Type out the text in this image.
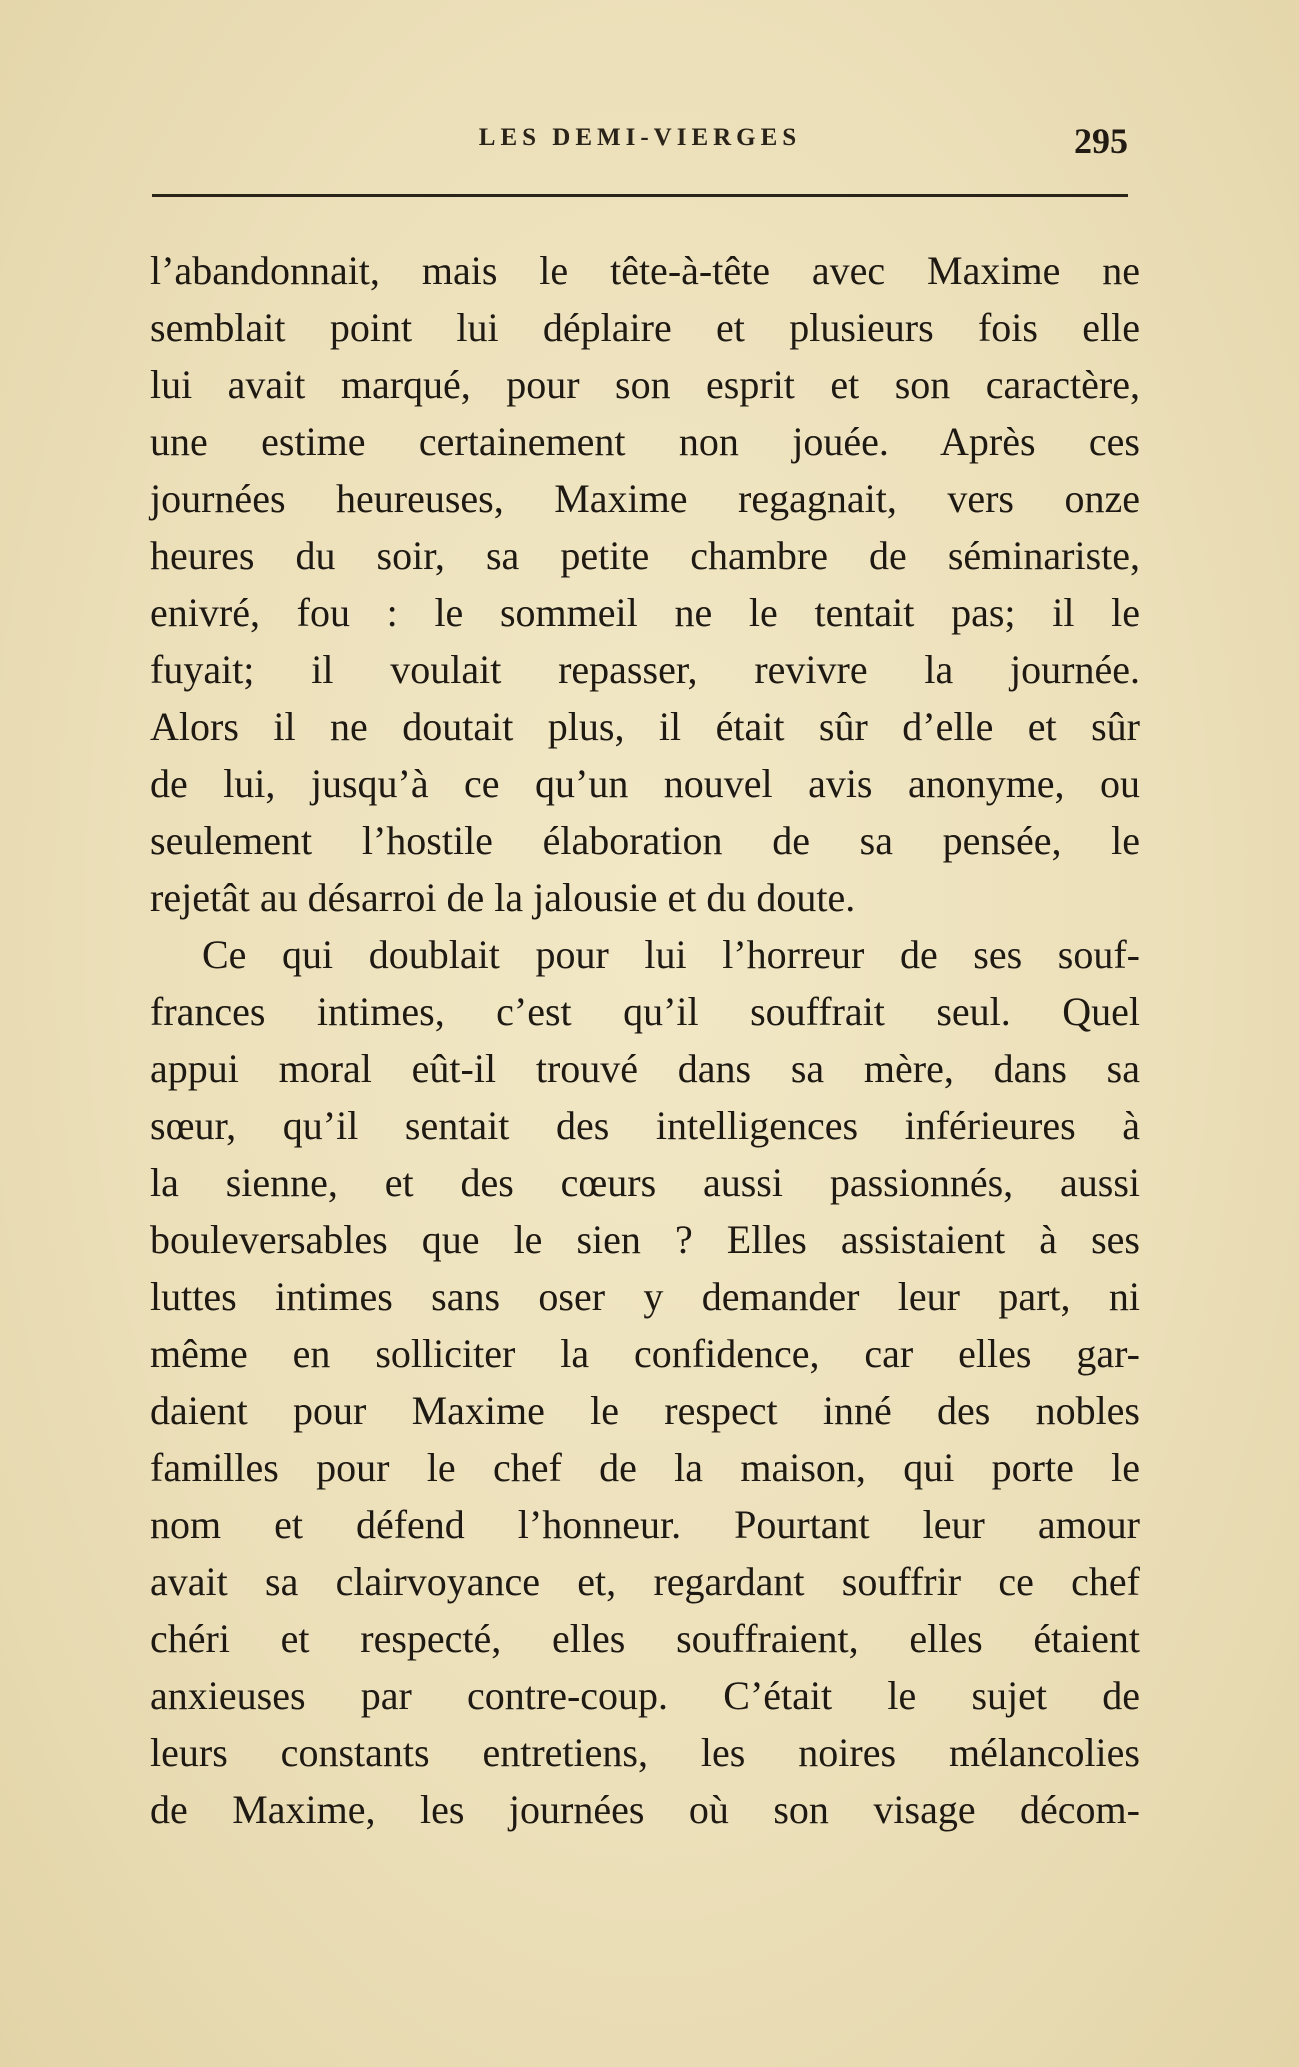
LES DEMI-VIERGES	295
l’abandonnait, mais le tête-à-tête avec Maxime ne
semblait point lui déplaire et plusieurs fois elle
lui avait marqué, pour son esprit et son caractère,
une estime certainement non jouée. Après ces
journées heureuses, Maxime regagnait, vers onze
heures du soir, sa petite chambre de séminariste,
enivré, fou : le sommeil ne le tentait pas; il le
fuyait; il voulait repasser, revivre la journée.
Alors il ne doutait plus, il était sûr d’elle et sûr
de lui, jusqu’à ce qu’un nouvel avis anonyme, ou
seulement l’hostile élaboration de sa pensée, le
rejetât au désarroi de la jalousie et du doute.
Ce qui doublait pour lui l’horreur de ses souf-
frances intimes, c’est qu’il souffrait seul. Quel
appui moral eût-il trouvé dans sa mère, dans sa
sœur, qu’il sentait des intelligences inférieures à
la sienne, et des cœurs aussi passionnés, aussi
bouleversables que le sien ? Elles assistaient à ses
luttes intimes sans oser y demander leur part, ni
même en solliciter la confidence, car elles gar-
daient pour Maxime le respect inné des nobles
familles pour le chef de la maison, qui porte le
nom et défend l’honneur. Pourtant leur amour
avait sa clairvoyance et, regardant souffrir ce chef
chéri et respecté, elles souffraient, elles étaient
anxieuses par contre-coup. C’était le sujet de
leurs constants entretiens, les noires mélancolies
de Maxime, les journées où son visage décom-
